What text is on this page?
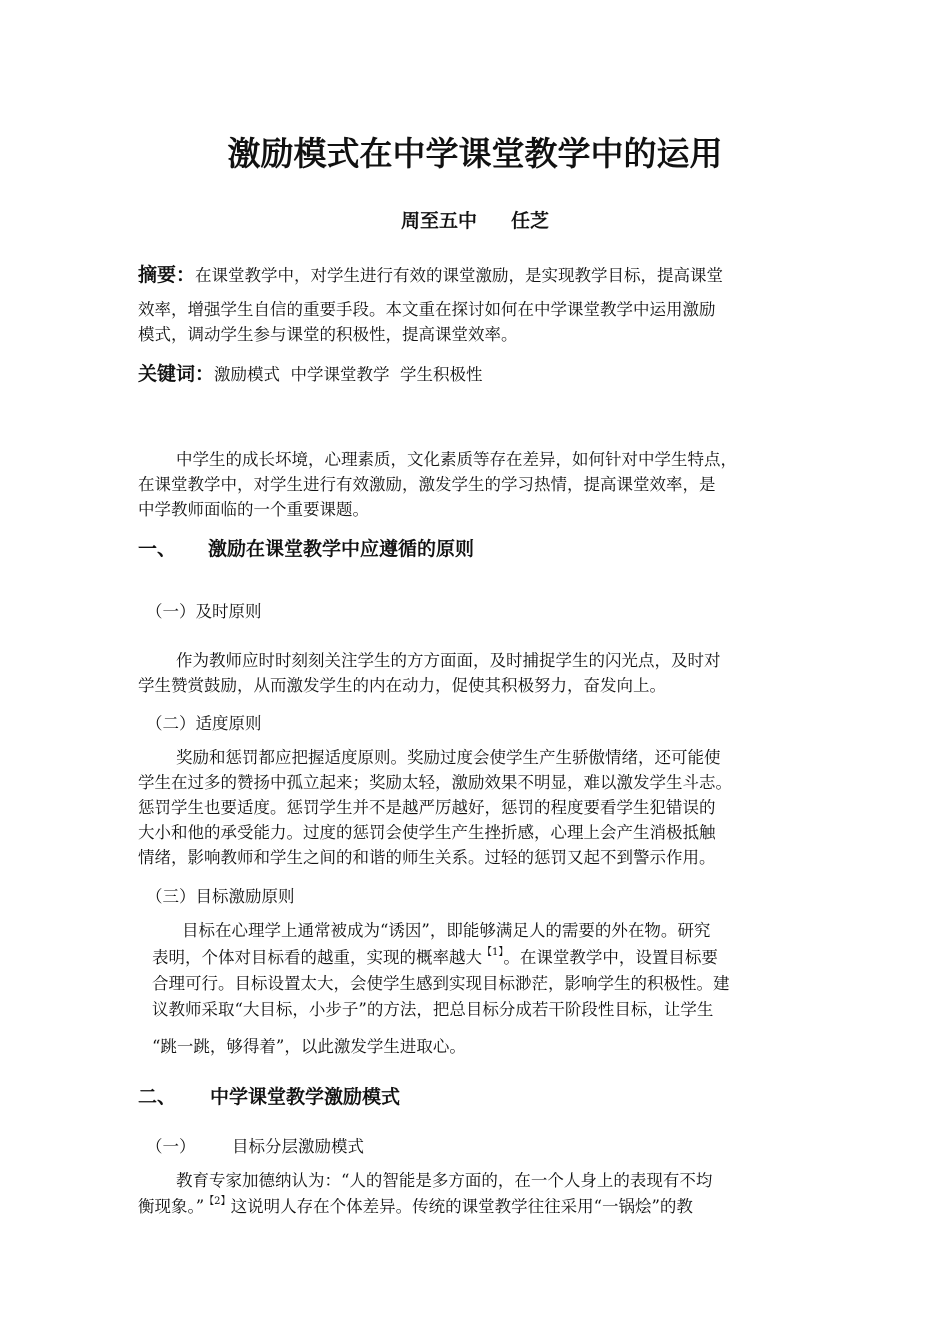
激励模式在中学课堂教学中的运用
周至五中 任芝
摘要：在课堂教学中，对学生进行有效的课堂激励，是实现教学目标，提高课堂
效率，增强学生自信的重要手段。本文重在探讨如何在中学课堂教学中运用激励
模式，调动学生参与课堂的积极性，提高课堂效率。
关键词：激励模式  中学课堂教学  学生积极性
中学生的成长坏境，心理素质，文化素质等存在差异，如何针对中学生特点，
在课堂教学中，对学生进行有效激励，激发学生的学习热情，提高课堂效率，是
中学教师面临的一个重要课题。
一、 激励在课堂教学中应遵循的原则
（一）及时原则
作为教师应时时刻刻关注学生的方方面面，及时捕捉学生的闪光点，及时对
学生赞赏鼓励，从而激发学生的内在动力，促使其积极努力，奋发向上。
（二）适度原则
奖励和惩罚都应把握适度原则。奖励过度会使学生产生骄傲情绪，还可能使
学生在过多的赞扬中孤立起来；奖励太轻，激励效果不明显，难以激发学生斗志。
惩罚学生也要适度。惩罚学生并不是越严厉越好，惩罚的程度要看学生犯错误的
大小和他的承受能力。过度的惩罚会使学生产生挫折感，心理上会产生消极抵触
情绪，影响教师和学生之间的和谐的师生关系。过轻的惩罚又起不到警示作用。
（三）目标激励原则
目标在心理学上通常被成为“诱因”，即能够满足人的需要的外在物。研究
表明，个体对目标看的越重，实现的概率越大$^{【1】}$。在课堂教学中，设置目标要
合理可行。目标设置太大，会使学生感到实现目标渺茫，影响学生的积极性。建
议教师采取“大目标，小步子”的方法，把总目标分成若干阶段性目标，让学生
“跳一跳，够得着”，以此激发学生进取心。
二、 中学课堂教学激励模式
（一） 目标分层激励模式
教育专家加德纳认为：“人的智能是多方面的，在一个人身上的表现有不均
衡现象。”$^{【2】}$这说明人存在个体差异。传统的课堂教学往往采用“一锅烩”的教
